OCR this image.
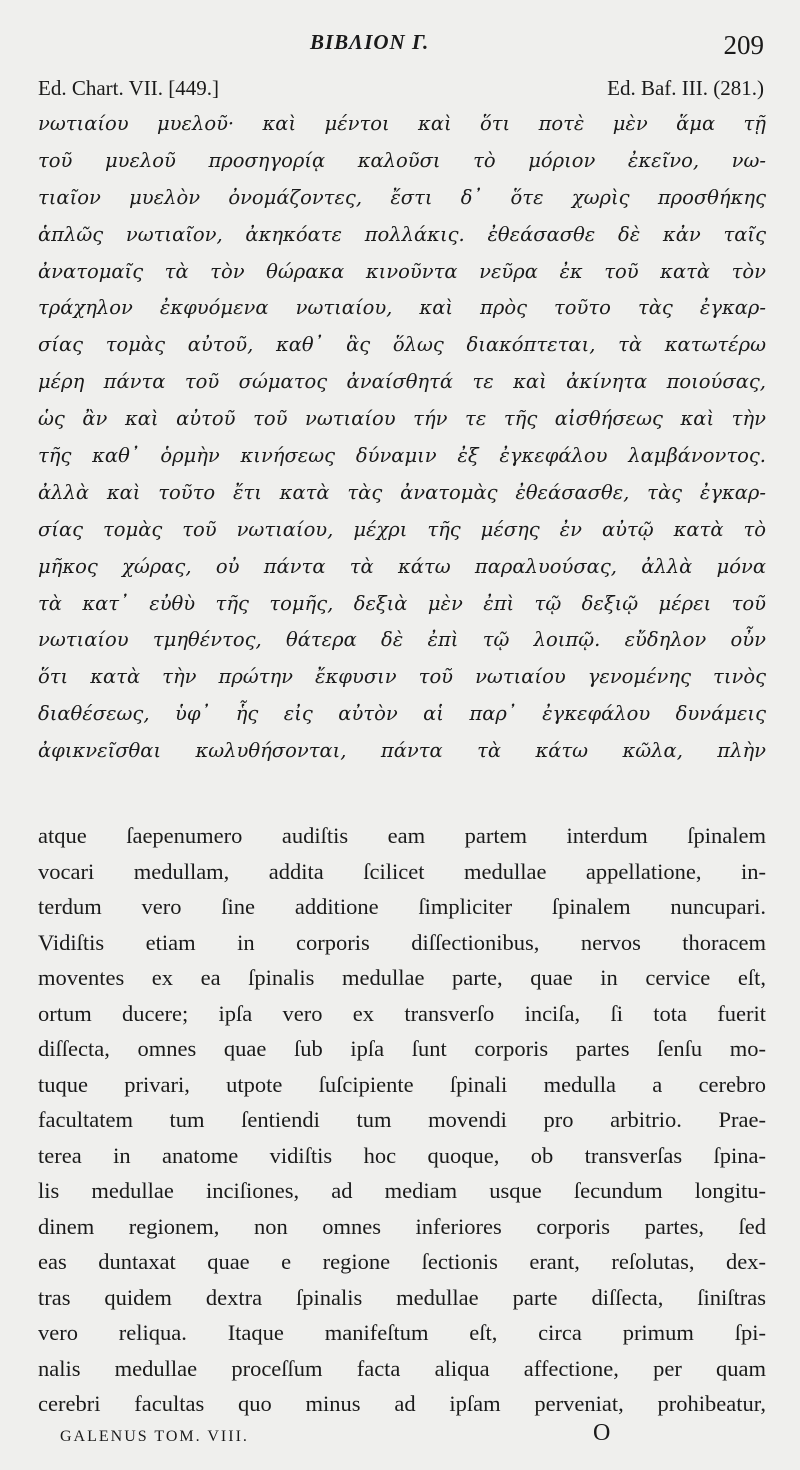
BIBΛION Γ.	209
Ed. Chart. VII. [449.]	Ed. Baf. III. (281.)
νωτιαίου μυελοῦ· καὶ μέντοι καὶ ὅτι ποτὲ μὲν ἅμα τῇ
τοῦ μυελοῦ προσηγορίᾳ καλοῦσι τὸ μόριον ἐκεῖνο, νω-
τιαῖον μυελὸν ὀνομάζοντες, ἔστι δ᾽ ὅτε χωρὶς προσθήκης
ἁπλῶς νωτιαῖον, ἀκηκόατε πολλάκις. ἐθεάσασθε δὲ κἀν ταῖς
ἀνατομαῖς τὰ τὸν θώρακα κινοῦντα νεῦρα ἐκ τοῦ κατὰ τὸν
τράχηλον ἐκφυόμενα νωτιαίου, καὶ πρὸς τοῦτο τὰς ἐγκαρ-
σίας τομὰς αὐτοῦ, καθ᾽ ἃς ὅλως διακόπτεται, τὰ κατωτέρω
μέρη πάντα τοῦ σώματος ἀναίσθητά τε καὶ ἀκίνητα ποιούσας,
ὡς ἂν καὶ αὐτοῦ τοῦ νωτιαίου τήν τε τῆς αἰσθήσεως καὶ τὴν
τῆς καθ᾽ ὁρμὴν κινήσεως δύναμιν ἐξ ἐγκεφάλου λαμβάνοντος.
ἀλλὰ καὶ τοῦτο ἔτι κατὰ τὰς ἀνατομὰς ἐθεάσασθε, τὰς ἐγκαρ-
σίας τομὰς τοῦ νωτιαίου, μέχρι τῆς μέσης ἐν αὐτῷ κατὰ τὸ
μῆκος χώρας, οὐ πάντα τὰ κάτω παραλυούσας, ἀλλὰ μόνα
τὰ κατ᾽ εὐθὺ τῆς τομῆς, δεξιὰ μὲν ἐπὶ τῷ δεξιῷ μέρει τοῦ
νωτιαίου τμηθέντος, θάτερα δὲ ἐπὶ τῷ λοιπῷ. εὔδηλον οὖν
ὅτι κατὰ τὴν πρώτην ἔκφυσιν τοῦ νωτιαίου γενομένης τινὸς
διαθέσεως, ὑφ᾽ ἧς εἰς αὐτὸν αἱ παρ᾽ ἐγκεφάλου δυνάμεις
ἀφικνεῖσθαι κωλυθήσονται, πάντα τὰ κάτω κῶλα, πλὴν
atque ſaepenumero audiſtis eam partem interdum ſpinalem
vocari medullam, addita ſcilicet medullae appellatione, in-
terdum vero ſine additione ſimpliciter ſpinalem nuncupari.
Vidiſtis etiam in corporis diſſectionibus, nervos thoracem
moventes ex ea ſpinalis medullae parte, quae in cervice eſt,
ortum ducere; ipſa vero ex transverſo inciſa, ſi tota fuerit
diſſecta, omnes quae ſub ipſa ſunt corporis partes ſenſu mo-
tuque privari, utpote ſuſcipiente ſpinali medulla a cerebro
facultatem tum ſentiendi tum movendi pro arbitrio. Prae-
terea in anatome vidiſtis hoc quoque, ob transverſas ſpina-
lis medullae inciſiones, ad mediam usque ſecundum longitu-
dinem regionem, non omnes inferiores corporis partes, ſed
eas duntaxat quae e regione ſectionis erant, reſolutas, dex-
tras quidem dextra ſpinalis medullae parte diſſecta, ſiniſtras
vero reliqua. Itaque manifeſtum eſt, circa primum ſpi-
nalis medullae proceſſum facta aliqua affectione, per quam
cerebri facultas quo minus ad ipſam perveniat, prohibeatur,
GALENUS TOM. VIII.	O
